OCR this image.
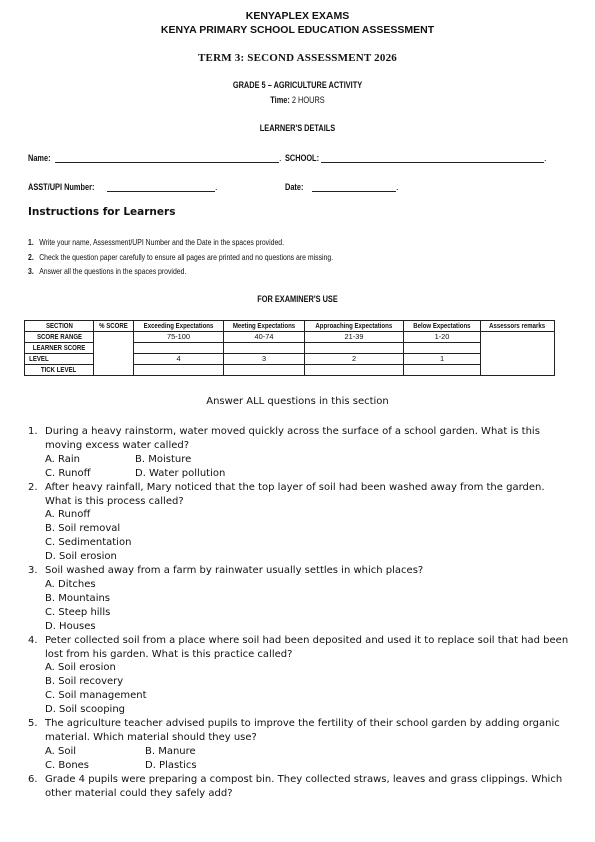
KENYAPLEX EXAMS
KENYA PRIMARY SCHOOL EDUCATION ASSESSMENT
TERM 3: SECOND ASSESSMENT 2026
GRADE 5 – AGRICULTURE ACTIVITY
Time: 2 HOURS
LEARNER'S DETAILS
Name:	. SCHOOL:	.
ASST/UPI Number:	.	Date:	.
Instructions for Learners
1. Write your name, Assessment/UPI Number and the Date in the spaces provided.
2. Check the question paper carefully to ensure all pages are printed and no questions are missing.
3. Answer all the questions in the spaces provided.
FOR EXAMINER'S USE
SECTION	% SCORE	Exceeding Expectations	Meeting Expectations	Approaching Expectations	Below Expectations	Assessors remarks
SCORE RANGE		75-100	40-74	21-39	1-20	
LEARNER SCORE						
LEVEL		4	3	2	1	
TICK LEVEL						
Answer ALL questions in this section
1. During a heavy rainstorm, water moved quickly across the surface of a school garden. What is this moving excess water called?
A. Rain	B. Moisture
C. Runoff	D. Water pollution
2. After heavy rainfall, Mary noticed that the top layer of soil had been washed away from the garden. What is this process called?
A. Runoff
B. Soil removal
C. Sedimentation
D. Soil erosion
3. Soil washed away from a farm by rainwater usually settles in which places?
A. Ditches
B. Mountains
C. Steep hills
D. Houses
4. Peter collected soil from a place where soil had been deposited and used it to replace soil that had been lost from his garden. What is this practice called?
A. Soil erosion
B. Soil recovery
C. Soil management
D. Soil scooping
5. The agriculture teacher advised pupils to improve the fertility of their school garden by adding organic material. Which material should they use?
A. Soil	B. Manure
C. Bones	D. Plastics
6. Grade 4 pupils were preparing a compost bin. They collected straws, leaves and grass clippings. Which other material could they safely add?
